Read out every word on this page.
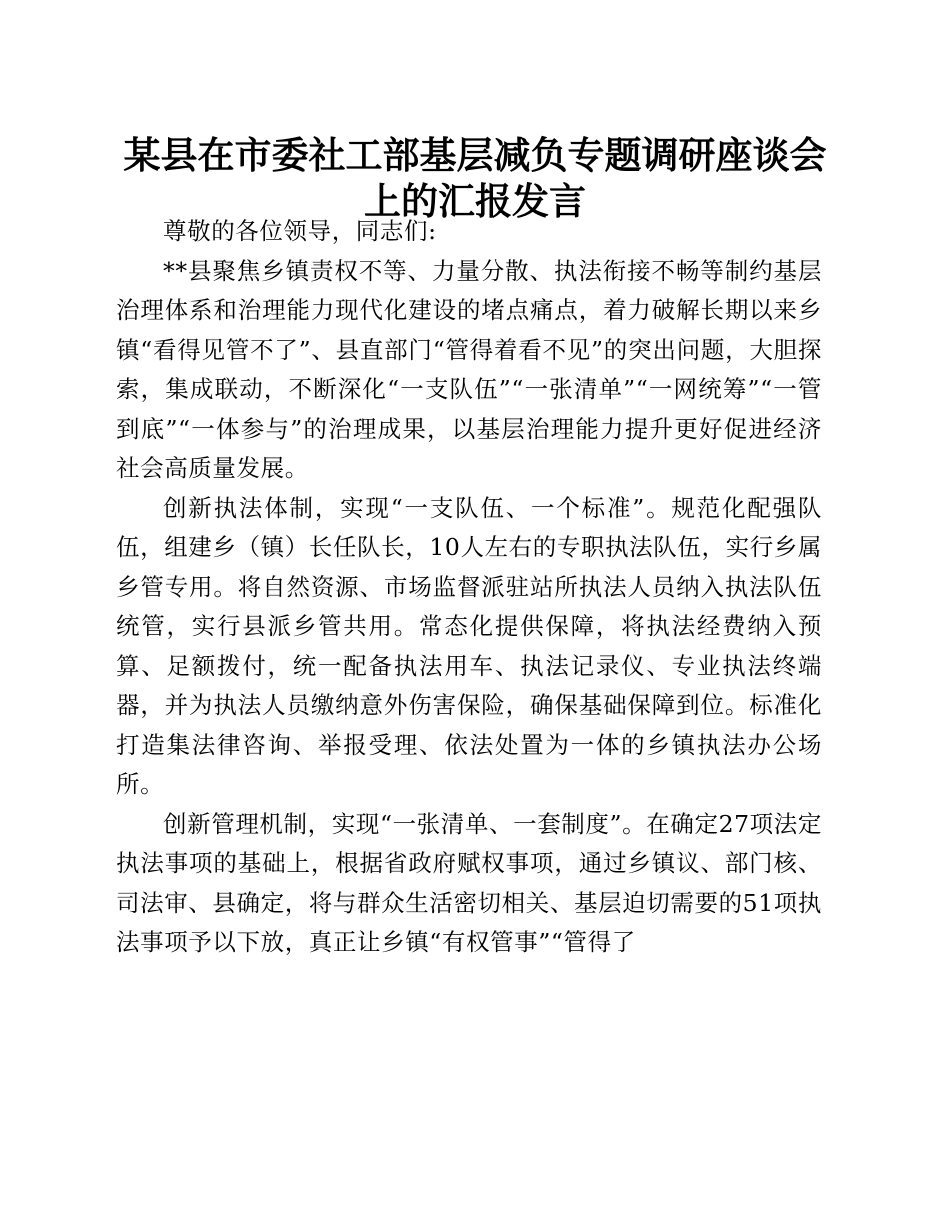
某县在市委社工部基层减负专题调研座谈会上的汇报发言

尊敬的各位领导，同志们:

**县聚焦乡镇责权不等、力量分散、执法衔接不畅等制约基层治理体系和治理能力现代化建设的堵点痛点，着力破解长期以来乡镇“看得见管不了”、县直部门“管得着看不见”的突出问题，大胆探索，集成联动，不断深化“一支队伍”“一张清单”“一网统筹”“一管到底”“一体参与”的治理成果，以基层治理能力提升更好促进经济社会高质量发展。

创新执法体制，实现“一支队伍、一个标准”。规范化配强队伍，组建乡（镇）长任队长，10人左右的专职执法队伍，实行乡属乡管专用。将自然资源、市场监督派驻站所执法人员纳入执法队伍统管，实行县派乡管共用。常态化提供保障，将执法经费纳入预算、足额拨付，统一配备执法用车、执法记录仪、专业执法终端器，并为执法人员缴纳意外伤害保险，确保基础保障到位。标准化打造集法律咨询、举报受理、依法处置为一体的乡镇执法办公场所。

创新管理机制，实现“一张清单、一套制度”。在确定27项法定执法事项的基础上，根据省政府赋权事项，通过乡镇议、部门核、司法审、县确定，将与群众生活密切相关、基层迫切需要的51项执法事项予以下放，真正让乡镇“有权管事”“管得了
